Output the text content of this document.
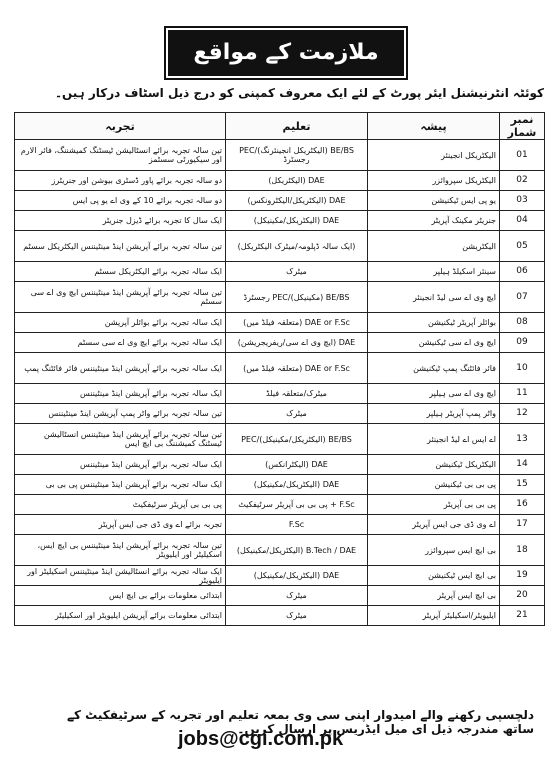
ملازمت کے مواقع
کوئٹہ انٹرنیشنل ایئر پورٹ کے لئے ایک معروف کمپنی کو درج ذیل اسٹاف درکار ہیں۔
نمبر شمار	پیشہ	تعلیم	تجربہ
01	الیکٹریکل انجینئر	BE/BS (الیکٹریکل انجینئرنگ)/PEC رجسٹرڈ	تین سالہ تجربہ برائے انسٹالیشن ٹیسٹنگ کمیشننگ، فائر الارم اور سیکیورٹی سسٹمز
02	الیکٹریکل سپروائزر	DAE (الیکٹریکل)	دو سالہ تجربہ برائے پاور ڈسٹری بیوشن اور جنریٹرز
03	یو پی ایس ٹیکنیشن	DAE (الیکٹریکل/الیکٹرونکس)	دو سالہ تجربہ برائے 10 کے وی اے یو پی ایس
04	جنریٹر مکینک آپریٹر	DAE (الیکٹریکل/مکینیکل)	ایک سال کا تجربہ برائے ڈیزل جنریٹر
05	الیکٹریشن	(ایک سالہ ڈپلومہ/میٹرک الیکٹریکل)	تین سالہ تجربہ برائے آپریشن اینڈ مینٹیننس الیکٹریکل سسٹم
06	سینئر اسکیلڈ ہیلپر	میٹرک	ایک سالہ تجربہ برائے الیکٹریکل سسٹم
07	ایچ وی اے سی لیڈ انجینئر	BE/BS (مکینیکل)/PEC رجسٹرڈ	تین سالہ تجربہ برائے آپریشن اینڈ مینٹیننس ایچ وی اے سی سسٹم
08	بوائلر آپریٹر ٹیکنیشن	DAE or F.Sc (متعلقہ فیلڈ میں)	ایک سالہ تجربہ برائے بوائلر آپریشن
09	ایچ وی اے سی ٹیکنیشن	DAE (ایچ وی اے سی/ریفریجریشن)	ایک سالہ تجربہ برائے ایچ وی اے سی سسٹم
10	فائر فائٹنگ پمپ ٹیکنیشن	DAE or F.Sc (متعلقہ فیلڈ میں)	ایک سالہ تجربہ برائے آپریشن اینڈ مینٹیننس فائر فائٹنگ پمپ
11	ایچ وی اے سی ہیلپر	میٹرک/متعلقہ فیلڈ	ایک سالہ تجربہ برائے آپریشن اینڈ مینٹیننس
12	واٹر پمپ آپریٹر ہیلپر	میٹرک	تین سالہ تجربہ برائے واٹر پمپ آپریشن اینڈ مینٹیننس
13	اے ایس اے لیڈ انجینئر	BE/BS (الیکٹریکل/مکینیکل)/PEC	تین سالہ تجربہ برائے آپریشن اینڈ مینٹیننس انسٹالیشن ٹیسٹنگ کمیشننگ بی ایچ ایس
14	الیکٹریکل ٹیکنیشن	DAE (الیکٹرانکس)	ایک سالہ تجربہ برائے آپریشن اینڈ مینٹیننس
15	پی بی بی ٹیکنیشن	DAE (الیکٹریکل/مکینیکل)	ایک سالہ تجربہ برائے آپریشن اینڈ مینٹیننس پی بی بی
16	پی بی بی آپریٹر	F.Sc + پی بی بی آپریٹر سرٹیفکیٹ	پی بی بی آپریٹر سرٹیفکیٹ
17	اے وی ڈی جی ایس آپریٹر	F.Sc	تجربہ برائے اے وی ڈی جی ایس آپریٹر
18	بی ایچ ایس سپروائزر	B.Tech / DAE (الیکٹریکل/مکینیکل)	تین سالہ تجربہ برائے آپریشن اینڈ مینٹیننس بی ایچ ایس، اسکیلیٹر اور ایلیویٹر
19	بی ایچ ایس ٹیکنیشن	DAE (الیکٹریکل/مکینیکل)	ایک سالہ تجربہ برائے انسٹالیشن اینڈ مینٹیننس اسکیلیٹر اور ایلیویٹر
20	بی ایچ ایس آپریٹر	میٹرک	ابتدائی معلومات برائے بی ایچ ایس
21	ایلیویٹر/اسکیلیٹر آپریٹر	میٹرک	ابتدائی معلومات برائے آپریشن ایلیویٹر اور اسکیلیٹر
دلچسپی رکھنے والے امیدوار اپنی سی وی بمعہ تعلیم اور تجربہ کے سرٹیفکیٹ کے ساتھ مندرجہ ذیل ای میل ایڈریس پر ارسال کریں۔
jobs@cgi.com.pk
